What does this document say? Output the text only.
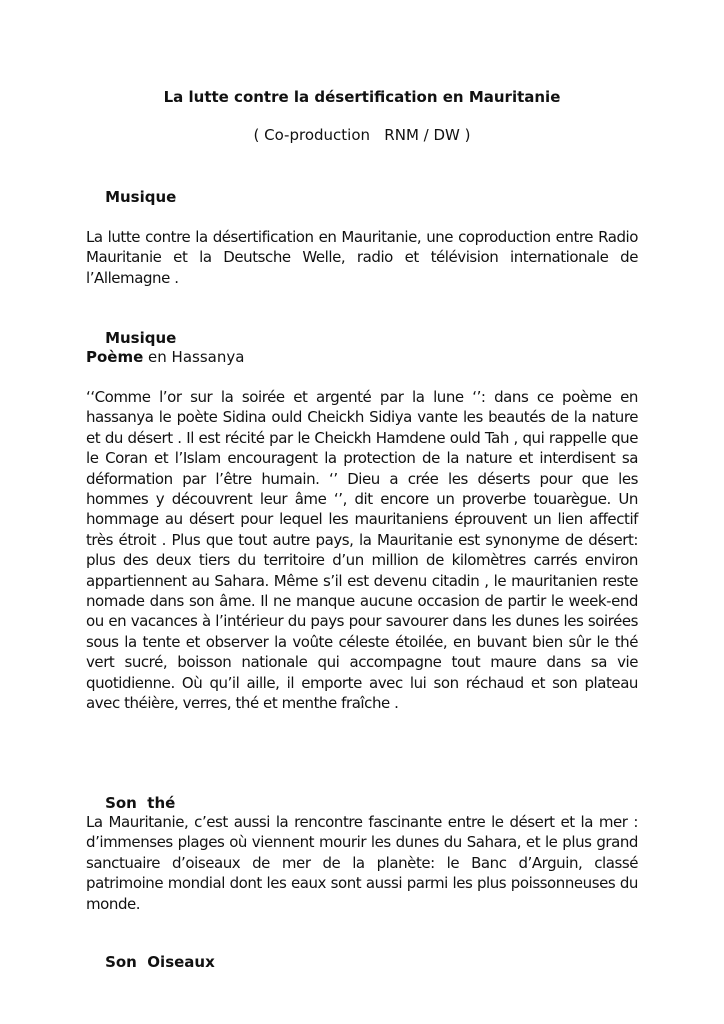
La lutte contre la désertification en Mauritanie
( Co-production   RNM / DW )

Musique

La lutte contre la désertification en Mauritanie, une coproduction entre Radio Mauritanie et la Deutsche Welle, radio et télévision internationale de l’Allemagne .

Musique

Poème en Hassanya
‘‘Comme l’or sur la soirée et argenté par la lune ‘’: dans ce poème en hassanya le poète Sidina ould Cheickh Sidiya vante les beautés de la nature et du désert . Il est récité par le Cheickh Hamdene ould Tah , qui rappelle que le Coran et l’Islam encouragent la protection de la nature et interdisent sa déformation par l’être humain. ‘’ Dieu a crée les déserts pour que les hommes y découvrent leur âme ‘’, dit encore un proverbe touarègue. Un hommage au désert pour lequel les mauritaniens éprouvent un lien affectif très étroit . Plus que tout autre pays, la Mauritanie est synonyme de désert: plus des deux tiers du territoire d’un million de kilomètres carrés environ appartiennent au Sahara. Même s’il est devenu citadin , le mauritanien reste nomade dans son âme. Il ne manque aucune occasion de partir le week-end ou en vacances à l’intérieur du pays pour savourer dans les dunes les soirées sous la tente et observer la voûte céleste étoilée, en buvant bien sûr le thé vert sucré, boisson nationale qui accompagne tout maure dans sa vie quotidienne. Où qu’il aille, il emporte avec lui son réchaud et son plateau avec théière, verres, thé et menthe fraîche .

Son  thé

La Mauritanie, c’est aussi la rencontre fascinante entre le désert et la mer : d’immenses plages où viennent mourir les dunes du Sahara, et le plus grand sanctuaire d’oiseaux de mer de la planète: le Banc d’Arguin, classé patrimoine mondial dont les eaux sont aussi parmi les plus poissonneuses du monde.

Son  Oiseaux
